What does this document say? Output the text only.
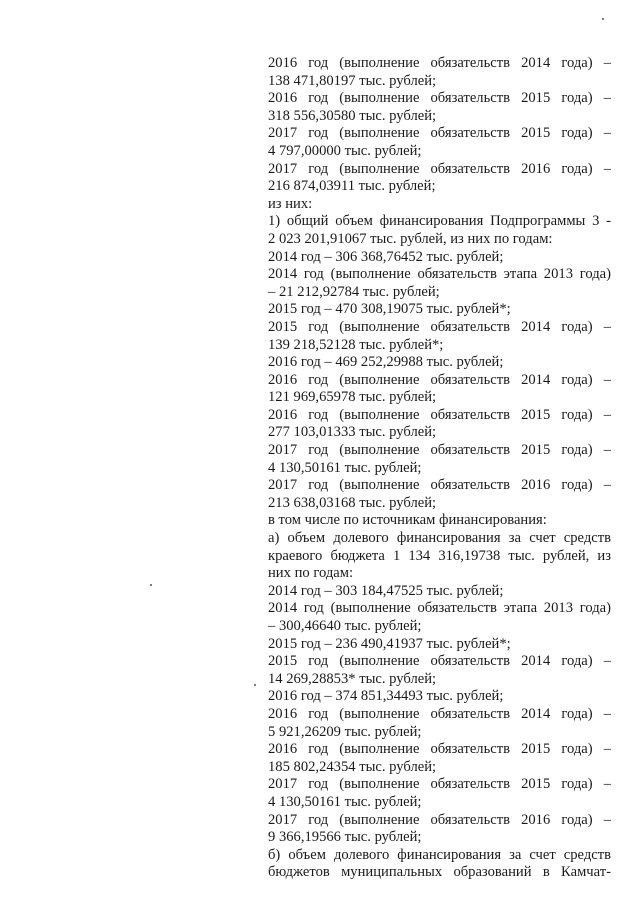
2016 год (выполнение обязательств 2014 года) –
138 471,80197 тыс. рублей;
2016 год (выполнение обязательств 2015 года) –
318 556,30580 тыс. рублей;
2017 год (выполнение обязательств 2015 года) –
4 797,00000 тыс. рублей;
2017 год (выполнение обязательств 2016 года) –
216 874,03911 тыс. рублей;
из них:
1) общий объем финансирования Подпрограммы 3 -
2 023 201,91067 тыс. рублей, из них по годам:
2014 год – 306 368,76452 тыс. рублей;
2014 год (выполнение обязательств этапа 2013 года)
– 21 212,92784 тыс. рублей;
2015 год – 470 308,19075 тыс. рублей*;
2015 год (выполнение обязательств 2014 года) –
139 218,52128 тыс. рублей*;
2016 год – 469 252,29988 тыс. рублей;
2016 год (выполнение обязательств 2014 года) –
121 969,65978 тыс. рублей;
2016 год (выполнение обязательств 2015 года) –
277 103,01333 тыс. рублей;
2017 год (выполнение обязательств 2015 года) –
4 130,50161 тыс. рублей;
2017 год (выполнение обязательств 2016 года) –
213 638,03168 тыс. рублей;
в том числе по источникам финансирования:
а) объем долевого финансирования за счет средств
краевого бюджета 1 134 316,19738 тыс. рублей, из
них по годам:
2014 год – 303 184,47525 тыс. рублей;
2014 год (выполнение обязательств этапа 2013 года)
– 300,46640 тыс. рублей;
2015 год – 236 490,41937 тыс. рублей*;
2015 год (выполнение обязательств 2014 года) –
14 269,28853* тыс. рублей;
2016 год – 374 851,34493 тыс. рублей;
2016 год (выполнение обязательств 2014 года) –
5 921,26209 тыс. рублей;
2016 год (выполнение обязательств 2015 года) –
185 802,24354 тыс. рублей;
2017 год (выполнение обязательств 2015 года) –
4 130,50161 тыс. рублей;
2017 год (выполнение обязательств 2016 года) –
9 366,19566 тыс. рублей;
б) объем долевого финансирования за счет средств
бюджетов муниципальных образований в Камчат-
